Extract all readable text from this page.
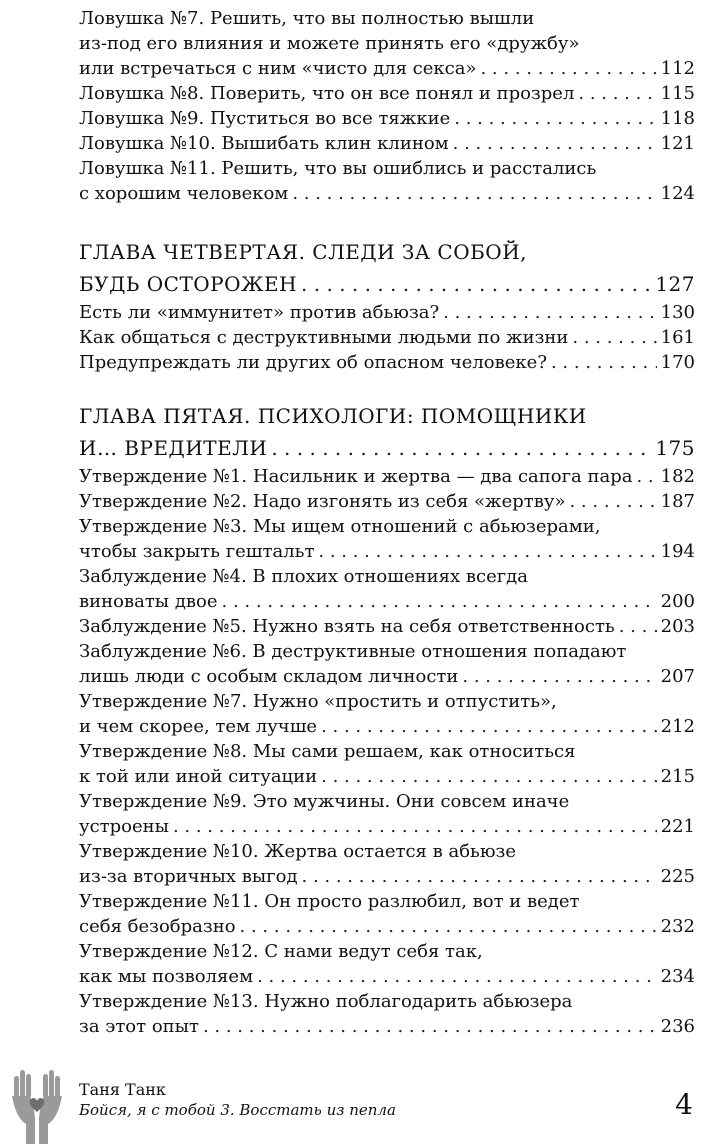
Ловушка №7. Решить, что вы полностью вышли
из-под его влияния и можете принять его «дружбу»
или встречаться с ним «чисто для секса» . . .	112
Ловушка №8. Поверить, что он все понял и прозрел . . .	115
Ловушка №9. Пуститься во все тяжкие . . .	118
Ловушка №10. Вышибать клин клином . . .	121
Ловушка №11. Решить, что вы ошиблись и расстались
с хорошим человеком . . .	124
ГЛАВА ЧЕТВЕРТАЯ. СЛЕДИ ЗА СОБОЙ,
БУДЬ ОСТОРОЖЕН . . .	127
Есть ли «иммунитет» против абьюза? . . .	130
Как общаться с деструктивными людьми по жизни . . .	161
Предупреждать ли других об опасном человеке? . . .	170
ГЛАВА ПЯТАЯ. ПСИХОЛОГИ: ПОМОЩНИКИ
И… ВРЕДИТЕЛИ . . .	175
Утверждение №1. Насильник и жертва — два сапога пара . . . 182
Утверждение №2. Надо изгонять из себя «жертву» . . .	187
Утверждение №3. Мы ищем отношений с абьюзерами,
чтобы закрыть гештальт . . .	194
Заблуждение №4. В плохих отношениях всегда
виноваты двое . . .	200
Заблуждение №5. Нужно взять на себя ответственность . . .	203
Заблуждение №6. В деструктивные отношения попадают
лишь люди с особым складом личности . . .	207
Утверждение №7. Нужно «простить и отпустить»,
и чем скорее, тем лучше . . .	212
Утверждение №8. Мы сами решаем, как относиться
к той или иной ситуации . . .	215
Утверждение №9. Это мужчины. Они совсем иначе
устроены . . .	221
Утверждение №10. Жертва остается в абьюзе
из-за вторичных выгод . . .	225
Утверждение №11. Он просто разлюбил, вот и ведет
себя безобразно . . .	232
Утверждение №12. С нами ведут себя так,
как мы позволяем . . .	234
Утверждение №13. Нужно поблагодарить абьюзера
за этот опыт . . .	236
Таня Танк
Бойся, я с тобой 3. Восстать из пепла	4
